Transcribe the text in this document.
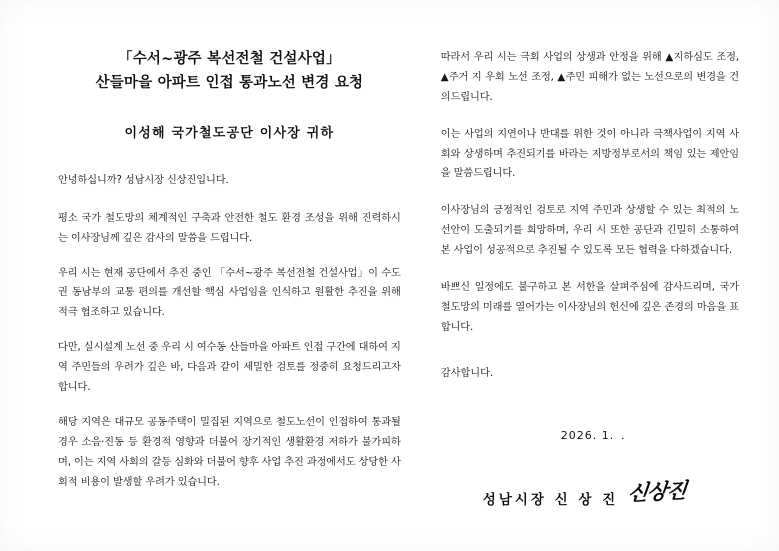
「수서~광주 복선전철 건설사업」
산들마을 아파트 인접 통과노선 변경 요청
이성해 국가철도공단 이사장 귀하

안녕하십니까? 성남시장 신상진입니다.

평소 국가 철도망의 체계적인 구축과 안전한 철도 환경 조성을 위해 진력하시는 이사장님께 깊은 감사의 말씀을 드립니다.

우리 시는 현재 공단에서 추진 중인 「수서~광주 복선전철 건설사업」이 수도권 동남부의 교통 편의를 개선할 핵심 사업임을 인식하고 원활한 추진을 위해 적극 협조하고 있습니다.

다만, 실시설계 노선 중 우리 시 여수동 산들마을 아파트 인접 구간에 대하여 지역 주민들의 우려가 깊은 바, 다음과 같이 세밀한 검토를 정중히 요청드리고자 합니다.

해당 지역은 대규모 공동주택이 밀집된 지역으로 철도노선이 인접하여 통과될 경우 소음·진동 등 환경적 영향과 더불어 장기적인 생활환경 저하가 불가피하며, 이는 지역 사회의 갈등 심화와 더불어 향후 사업 추진 과정에서도 상당한 사회적 비용이 발생할 우려가 있습니다.

따라서 우리 시는 극회 사업의 상생과 안정을 위해 ▲지하심도 조정, ▲주거 지 우회 노선 조정, ▲주민 피해가 없는 노선으로의 변경을 건의드립니다.

이는 사업의 지연이나 반대를 위한 것이 아니라 극책사업이 지역 사회와 상생하며 추진되기를 바라는 지방정부로서의 책임 있는 제안임을 말씀드립니다.

이사장님의 긍정적인 검토로 지역 주민과 상생할 수 있는 최적의 노선안이 도출되기를 희망하며, 우리 시 또한 공단과 긴밀히 소통하여 본 사업이 성공적으로 추진될 수 있도록 모든 협력을 다하겠습니다.

바쁘신 일정에도 불구하고 본 서한을 살펴주심에 감사드리며, 국가 철도망의 미래를 열어가는 이사장님의 헌신에 깊은 존경의 마음을 표합니다.

감사합니다.
2026. 1. .
성남시장 신 상 진 신상진
